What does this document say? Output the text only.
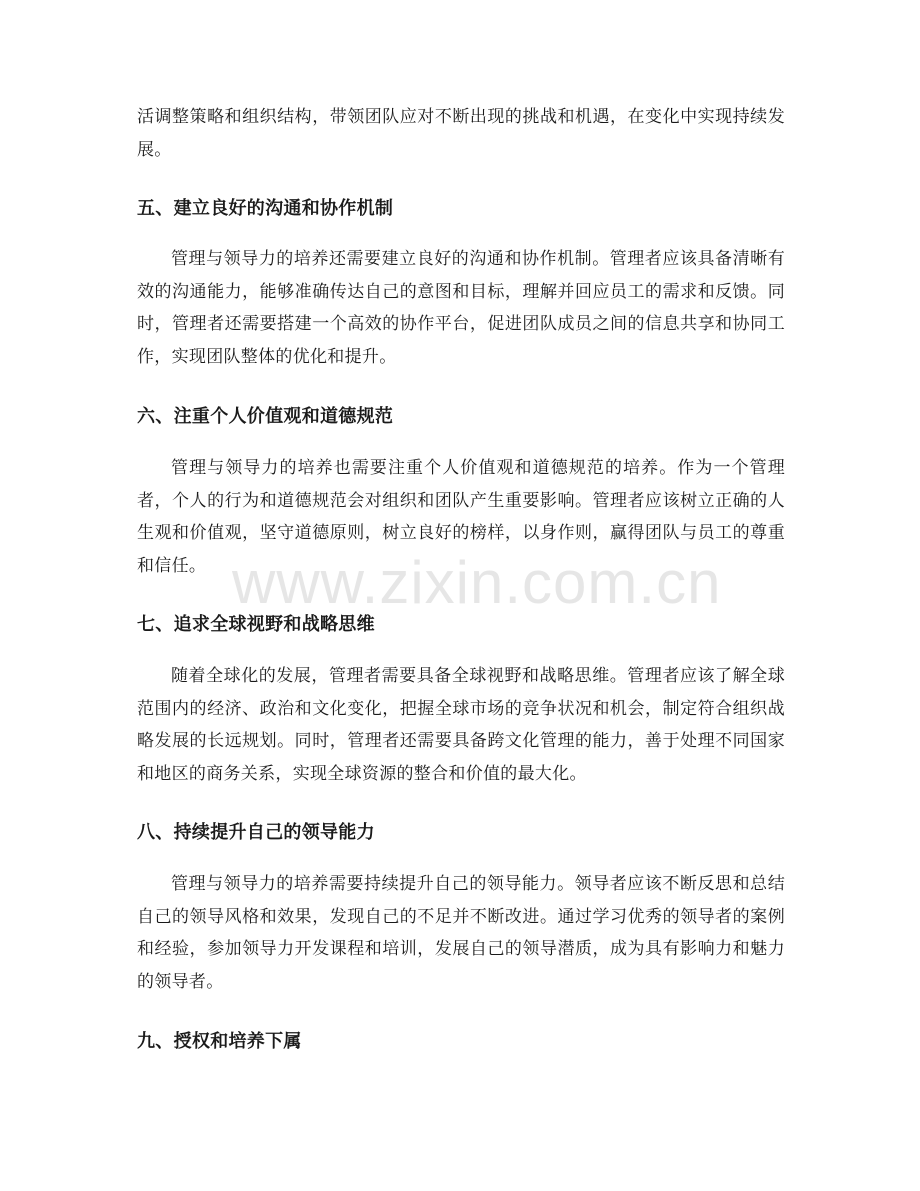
活调整策略和组织结构，带领团队应对不断出现的挑战和机遇，在变化中实现持续发展。

五、建立良好的沟通和协作机制

管理与领导力的培养还需要建立良好的沟通和协作机制。管理者应该具备清晰有效的沟通能力，能够准确传达自己的意图和目标，理解并回应员工的需求和反馈。同时，管理者还需要搭建一个高效的协作平台，促进团队成员之间的信息共享和协同工作，实现团队整体的优化和提升。

六、注重个人价值观和道德规范

管理与领导力的培养也需要注重个人价值观和道德规范的培养。作为一个管理者，个人的行为和道德规范会对组织和团队产生重要影响。管理者应该树立正确的人生观和价值观，坚守道德原则，树立良好的榜样，以身作则，赢得团队与员工的尊重和信任。

七、追求全球视野和战略思维

随着全球化的发展，管理者需要具备全球视野和战略思维。管理者应该了解全球范围内的经济、政治和文化变化，把握全球市场的竞争状况和机会，制定符合组织战略发展的长远规划。同时，管理者还需要具备跨文化管理的能力，善于处理不同国家和地区的商务关系，实现全球资源的整合和价值的最大化。

八、持续提升自己的领导能力

管理与领导力的培养需要持续提升自己的领导能力。领导者应该不断反思和总结自己的领导风格和效果，发现自己的不足并不断改进。通过学习优秀的领导者的案例和经验，参加领导力开发课程和培训，发展自己的领导潜质，成为具有影响力和魅力的领导者。

九、授权和培养下属
www.zixin.com.cn
